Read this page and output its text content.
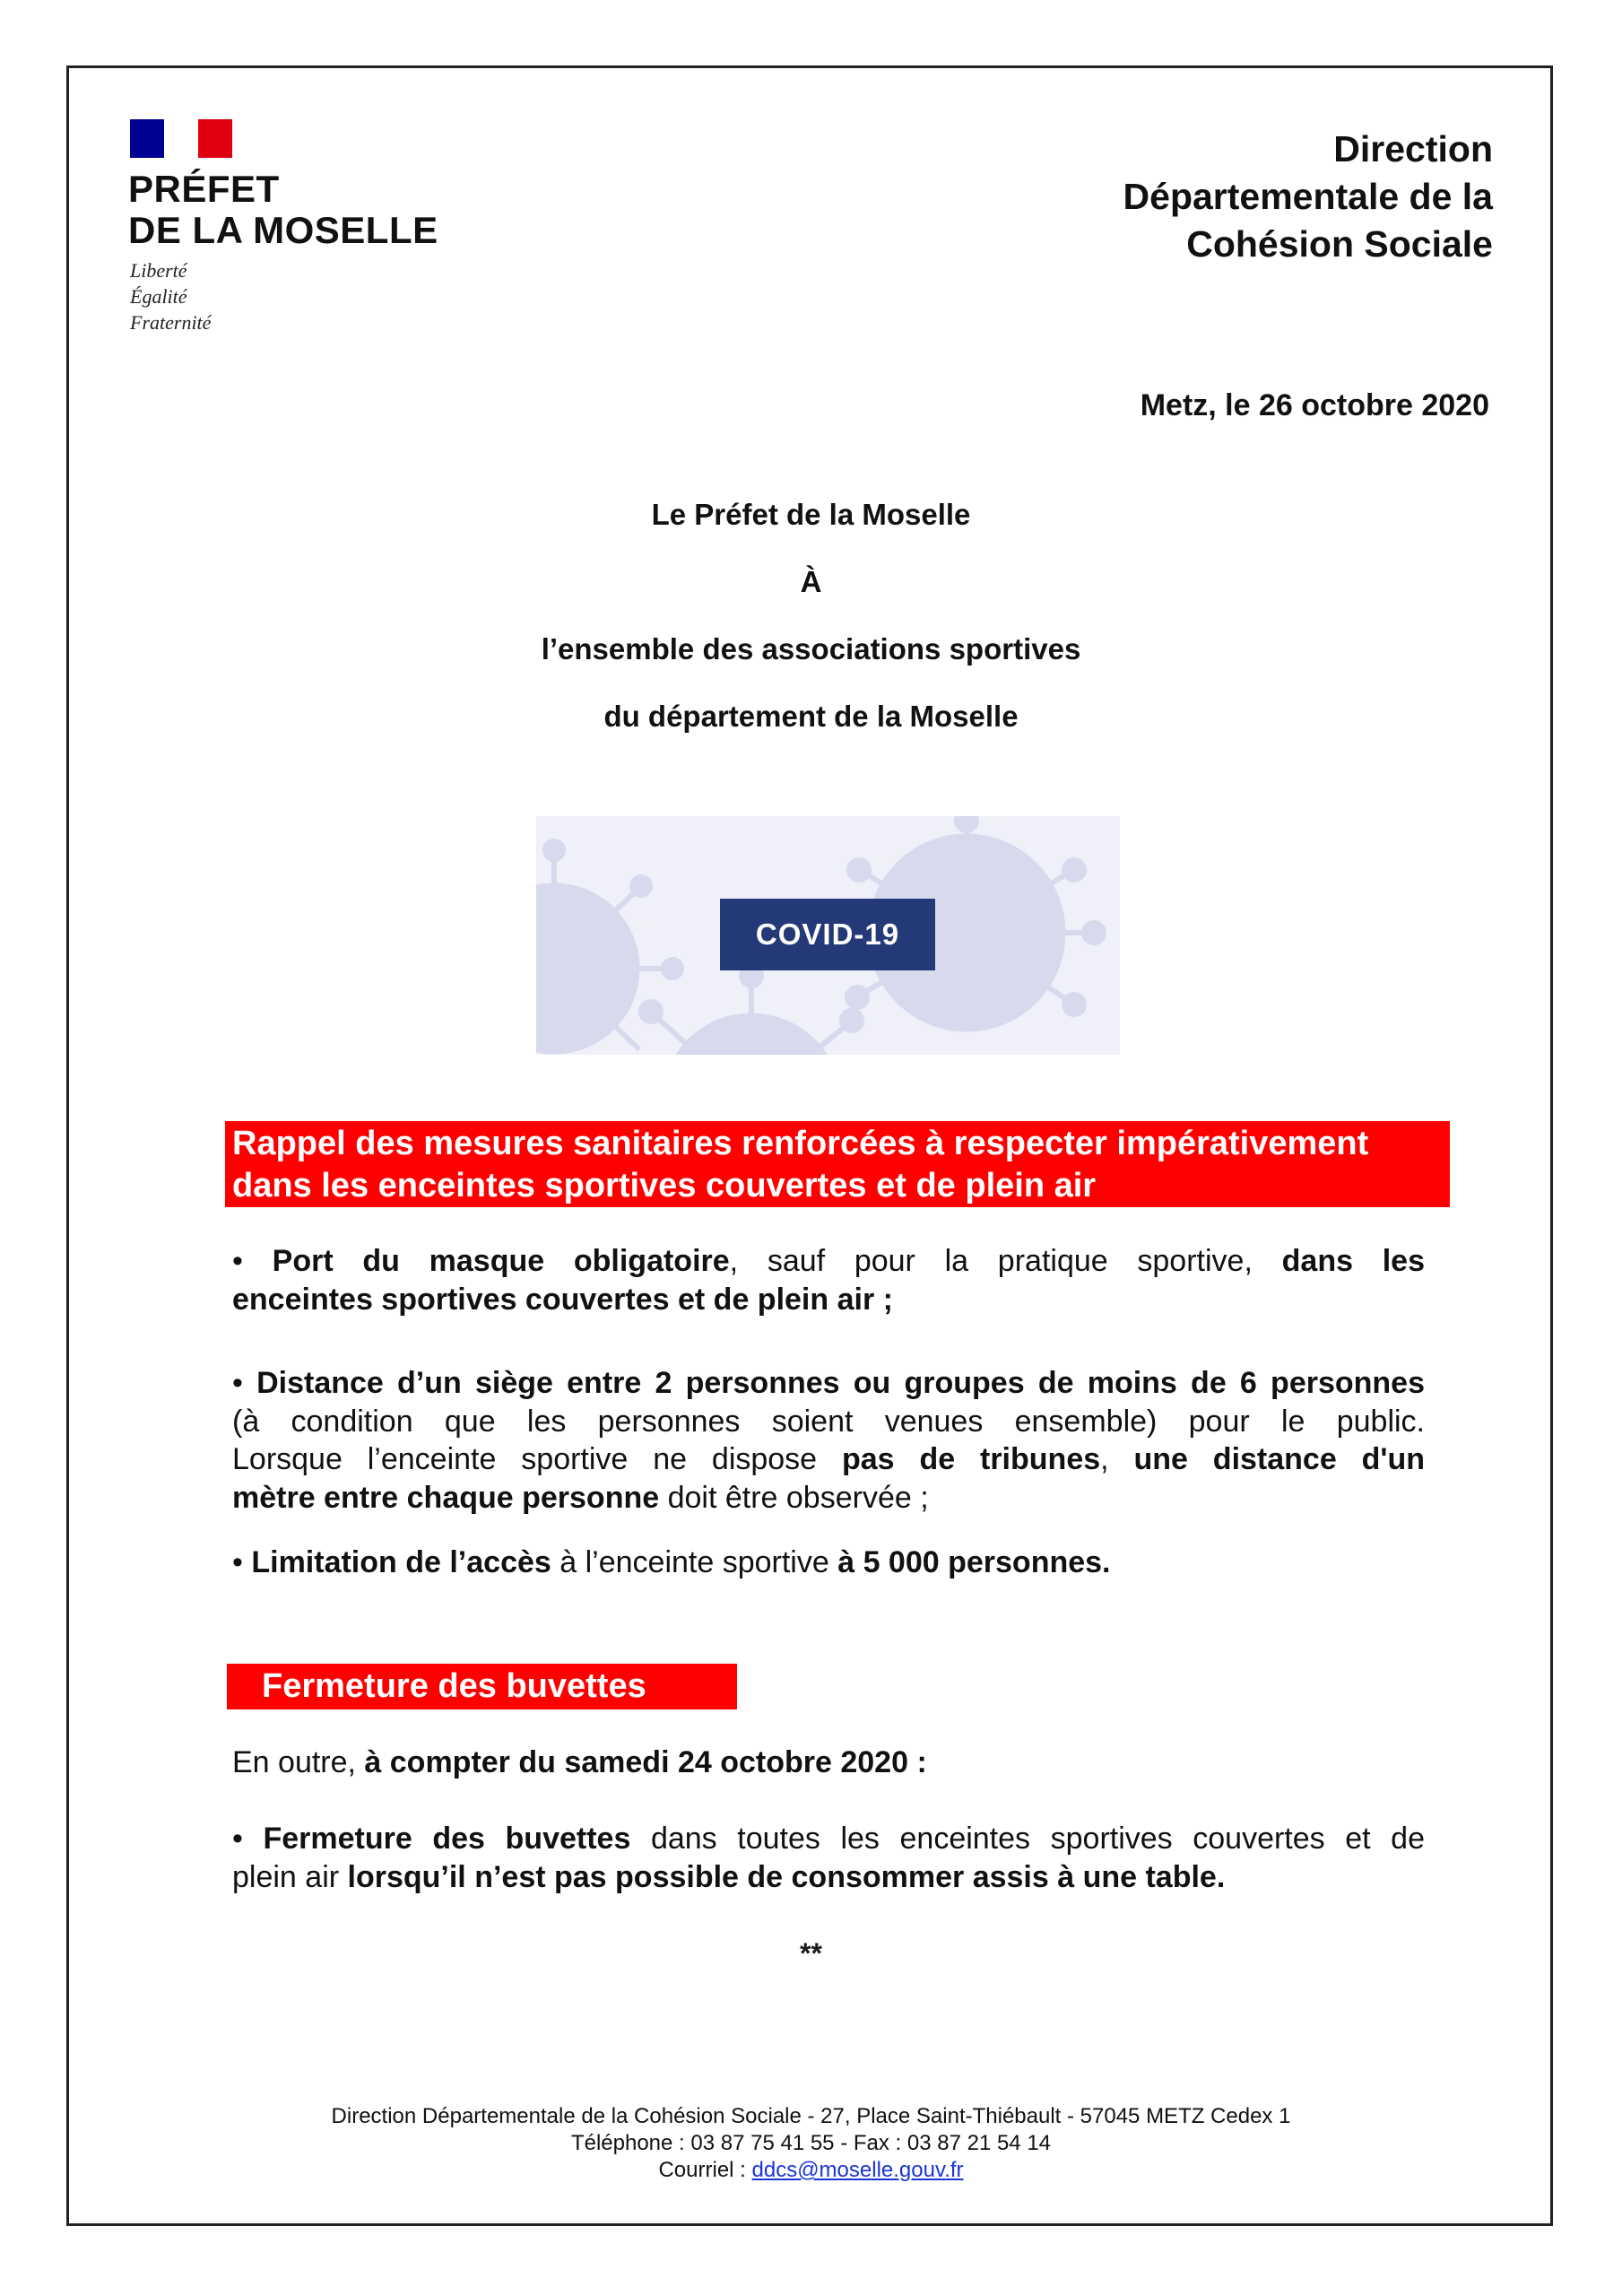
PRÉFET
DE LA MOSELLE
Liberté
Égalité
Fraternité
Direction
Départementale de la
Cohésion Sociale
Metz, le 26 octobre 2020
Le Préfet de la Moselle
À
l’ensemble des associations sportives
du département de la Moselle
COVID-19
Rappel des mesures sanitaires renforcées à respecter impérativement
dans les enceintes sportives couvertes et de plein air
• Port du masque obligatoire, sauf pour la pratique sportive, dans les
enceintes sportives couvertes et de plein air ;
• Distance d’un siège entre 2 personnes ou groupes de moins de 6 personnes
(à condition que les personnes soient venues ensemble) pour le public.
Lorsque l’enceinte sportive ne dispose pas de tribunes, une distance d'un
mètre entre chaque personne doit être observée ;
• Limitation de l’accès à l’enceinte sportive à 5 000 personnes.
Fermeture des buvettes
En outre, à compter du samedi 24 octobre 2020 :
• Fermeture des buvettes dans toutes les enceintes sportives couvertes et de
plein air lorsqu’il n’est pas possible de consommer assis à une table.
**
Direction Départementale de la Cohésion Sociale - 27, Place Saint-Thiébault - 57045 METZ Cedex 1
Téléphone : 03 87 75 41 55 - Fax : 03 87 21 54 14
Courriel : ddcs@moselle.gouv.fr
